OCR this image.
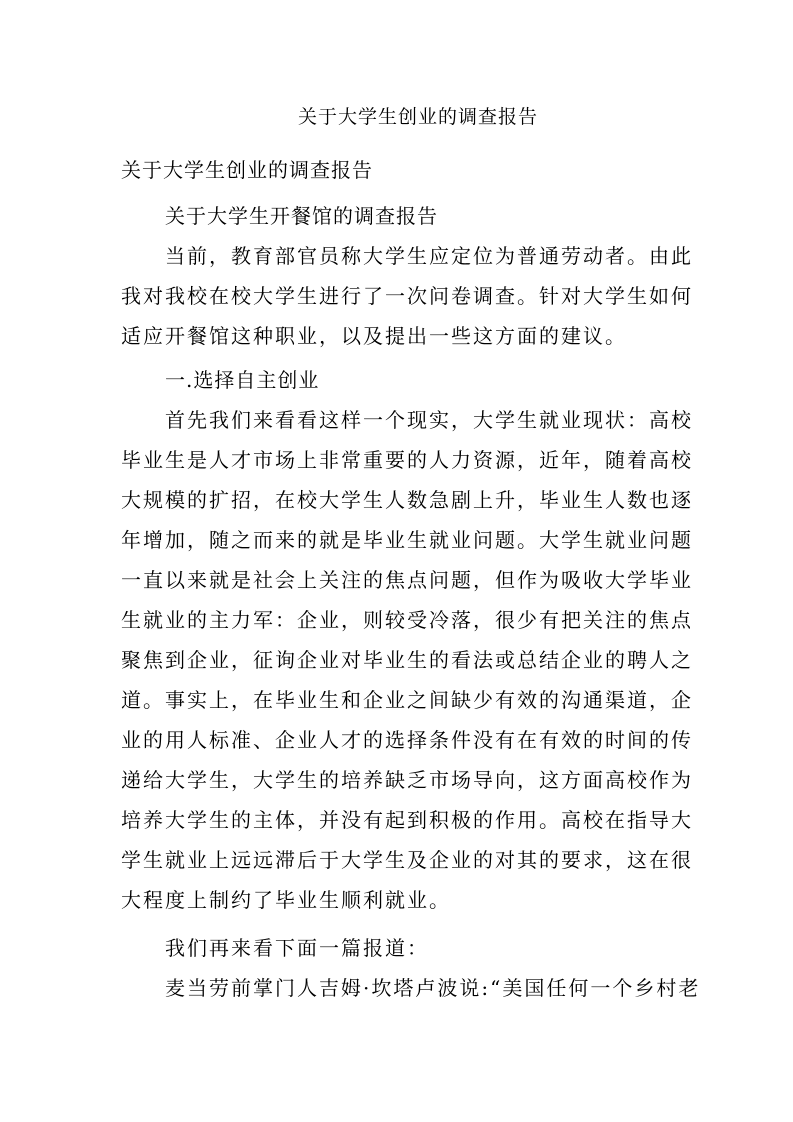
关于大学生创业的调查报告
关于大学生创业的调查报告
关于大学生开餐馆的调查报告
当前，教育部官员称大学生应定位为普通劳动者。由此
我对我校在校大学生进行了一次问卷调查。针对大学生如何
适应开餐馆这种职业，以及提出一些这方面的建议。
一.选择自主创业
首先我们来看看这样一个现实，大学生就业现状：高校
毕业生是人才市场上非常重要的人力资源，近年，随着高校
大规模的扩招，在校大学生人数急剧上升，毕业生人数也逐
年增加，随之而来的就是毕业生就业问题。大学生就业问题
一直以来就是社会上关注的焦点问题，但作为吸收大学毕业
生就业的主力军：企业，则较受冷落，很少有把关注的焦点
聚焦到企业，征询企业对毕业生的看法或总结企业的聘人之
道。事实上，在毕业生和企业之间缺少有效的沟通渠道，企
业的用人标准、企业人才的选择条件没有在有效的时间的传
递给大学生，大学生的培养缺乏市场导向，这方面高校作为
培养大学生的主体，并没有起到积极的作用。高校在指导大
学生就业上远远滞后于大学生及企业的对其的要求，这在很
大程度上制约了毕业生顺利就业。
我们再来看下面一篇报道：
麦当劳前掌门人吉姆·坎塔卢波说:“美国任何一个乡村老
